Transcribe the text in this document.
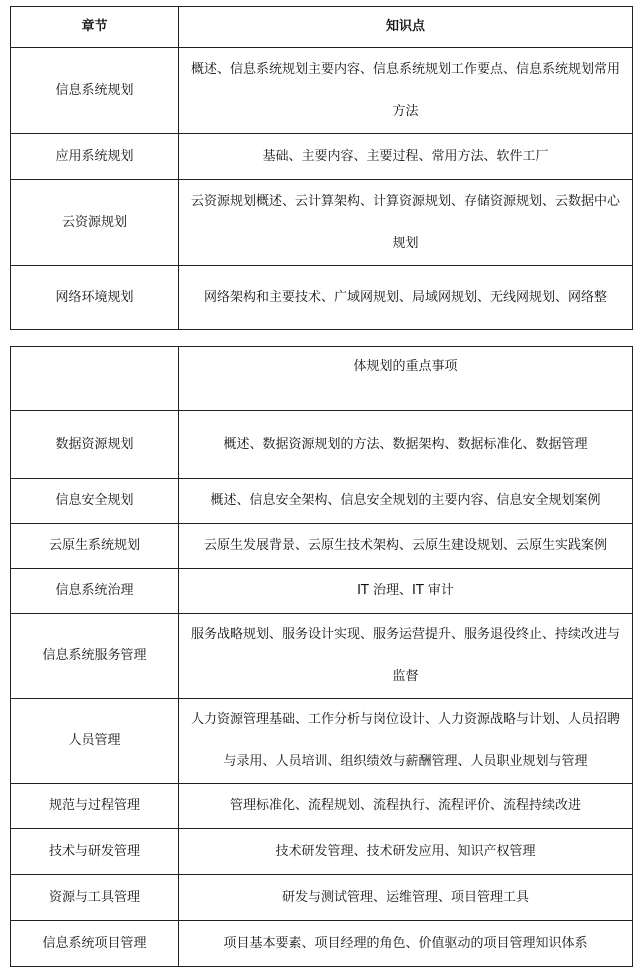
章节	知识点
信息系统规划	概述、信息系统规划主要内容、信息系统规划工作要点、信息系统规划常用方法
应用系统规划	基础、主要内容、主要过程、常用方法、软件工厂
云资源规划	云资源规划概述、云计算架构、计算资源规划、存储资源规划、云数据中心规划
网络环境规划	网络架构和主要技术、广域网规划、局域网规划、无线网规划、网络整
	体规划的重点事项
数据资源规划	概述、数据资源规划的方法、数据架构、数据标准化、数据管理
信息安全规划	概述、信息安全架构、信息安全规划的主要内容、信息安全规划案例
云原生系统规划	云原生发展背景、云原生技术架构、云原生建设规划、云原生实践案例
信息系统治理	IT 治理、IT 审计
信息系统服务管理	服务战略规划、服务设计实现、服务运营提升、服务退役终止、持续改进与监督
人员管理	人力资源管理基础、工作分析与岗位设计、人力资源战略与计划、人员招聘与录用、人员培训、组织绩效与薪酬管理、人员职业规划与管理
规范与过程管理	管理标准化、流程规划、流程执行、流程评价、流程持续改进
技术与研发管理	技术研发管理、技术研发应用、知识产权管理
资源与工具管理	研发与测试管理、运维管理、项目管理工具
信息系统项目管理	项目基本要素、项目经理的角色、价值驱动的项目管理知识体系
